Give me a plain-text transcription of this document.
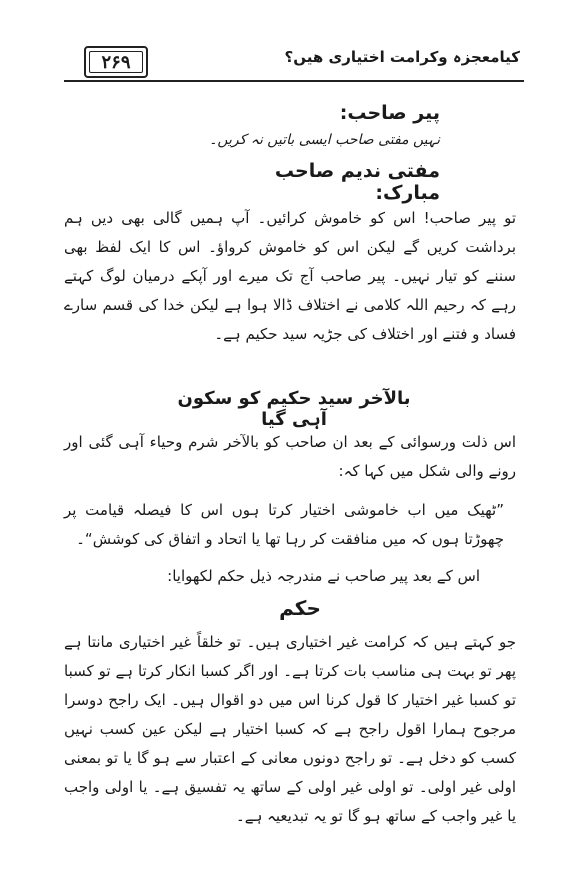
۲۶۹	کیامعجزہ وکرامت اختیاری ھیں؟
پیر صاحب:
نہیں مفتی صاحب ایسی باتیں نہ کریں۔
مفتی ندیم صاحب مبارک:
تو پیر صاحب! اس کو خاموش کرائیں۔ آپ ہمیں گالی بھی دیں ہم برداشت کریں گے لیکن اس کو خاموش کرواؤ۔ اس کا ایک لفظ بھی سننے کو تیار نہیں۔ پیر صاحب آج تک میرے اور آپکے درمیان لوگ کہتے رہے کہ رحیم اللہ کلامی نے اختلاف ڈالا ہوا ہے لیکن خدا کی قسم سارے فساد و فتنے اور اختلاف کی جڑیہ سید حکیم ہے۔
بالآخر سید حکیم کو سکون آہی گیا
اس ذلت ورسوائی کے بعد ان صاحب کو بالآخر شرم وحیاء آہی گئی اور رونے والی شکل میں کہا کہ:
”ٹھیک میں اب خاموشی اختیار کرتا ہوں اس کا فیصلہ قیامت پر چھوڑتا ہوں کہ میں منافقت کر رہا تھا یا اتحاد و اتفاق کی کوشش“۔
اس کے بعد پیر صاحب نے مندرجہ ذیل حکم لکھوایا:
حکم
جو کہتے ہیں کہ کرامت غیر اختیاری ہیں۔ تو خلقاً غیر اختیاری مانتا ہے پھر تو بہت ہی مناسب بات کرتا ہے۔ اور اگر کسبا انکار کرتا ہے تو کسبا تو کسبا غیر اختیار کا قول کرنا اس میں دو اقوال ہیں۔ ایک راجح دوسرا مرجوح ہمارا اقول راجح ہے کہ کسبا اختیار ہے لیکن عین کسب نہیں کسب کو دخل ہے۔ تو راجح دونوں معانی کے اعتبار سے ہو گا یا تو بمعنی اولی غیر اولی۔ تو اولی غیر اولی کے ساتھ یہ تفسیق ہے۔ یا اولی واجب یا غیر واجب کے ساتھ ہو گا تو یہ تبدیعیہ ہے۔
